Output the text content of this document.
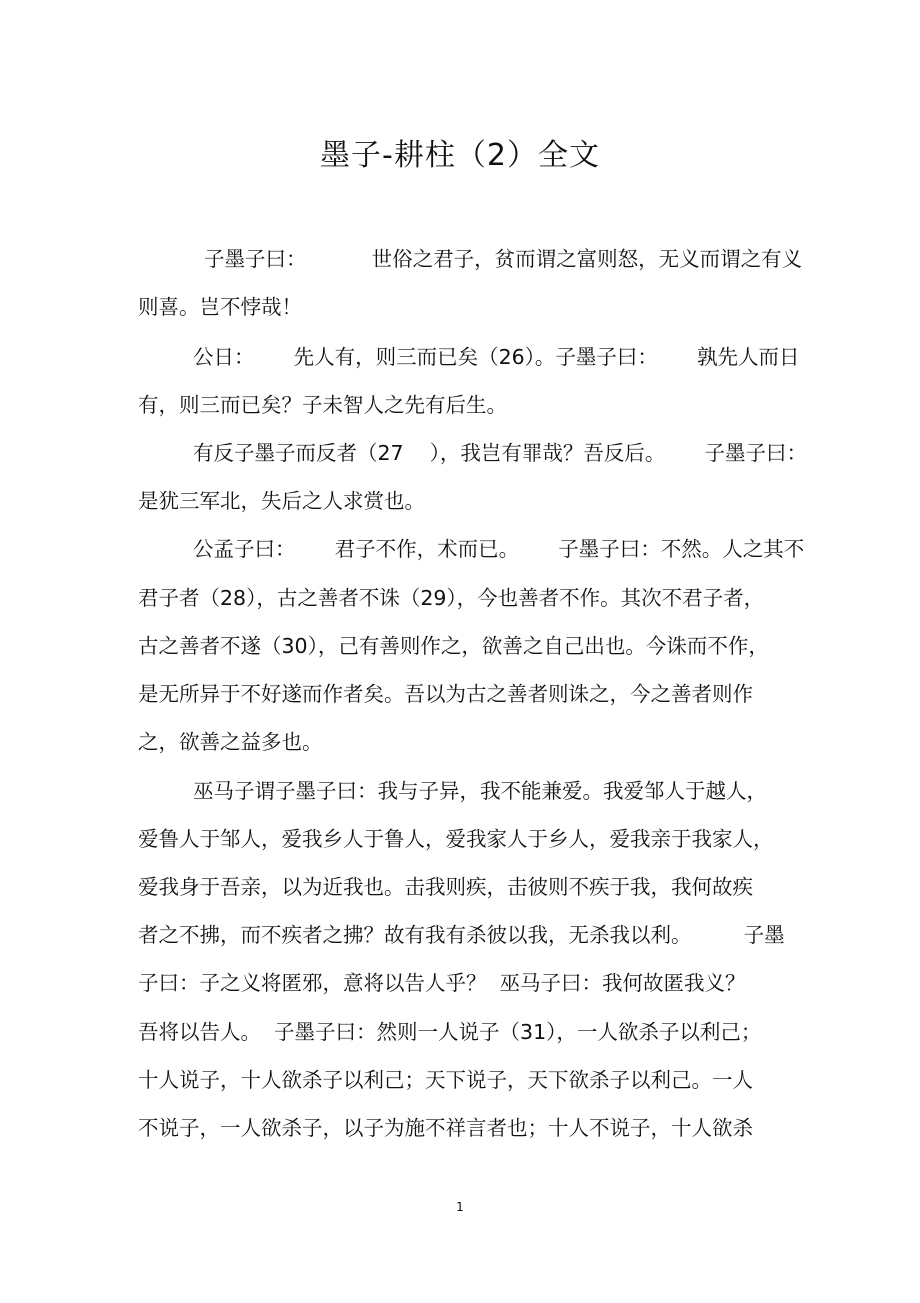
墨子-耕柱（2）全文
子墨子曰：          世俗之君子，贫而谓之富则怒，无义而谓之有义
则喜。岂不悖哉！
公日：      先人有，则三而已矣（26）。子墨子曰：      孰先人而日
有，则三而已矣？子未智人之先有后生。
有反子墨子而反者（27    ），我岂有罪哉？吾反后。      子墨子曰：
是犹三军北，失后之人求赏也。
公孟子曰：      君子不作，术而已。      子墨子曰：不然。人之其不
君子者（28），古之善者不诛（29），今也善者不作。其次不君子者，
古之善者不遂（30），己有善则作之，欲善之自己出也。今诛而不作，
是无所异于不好遂而作者矣。吾以为古之善者则诛之，今之善者则作
之，欲善之益多也。
巫马子谓子墨子曰：我与子异，我不能兼爱。我爱邹人于越人，
爱鲁人于邹人，爱我乡人于鲁人，爱我家人于乡人，爱我亲于我家人，
爱我身于吾亲，以为近我也。击我则疾，击彼则不疾于我，我何故疾
者之不拂，而不疾者之拂？故有我有杀彼以我，无杀我以利。        子墨
子曰：子之义将匿邪，意将以告人乎？  巫马子曰：我何故匿我义？
吾将以告人。  子墨子曰：然则一人说子（31），一人欲杀子以利己；
十人说子，十人欲杀子以利己；天下说子，天下欲杀子以利己。一人
不说子，一人欲杀子，以子为施不祥言者也；十人不说子，十人欲杀
1
